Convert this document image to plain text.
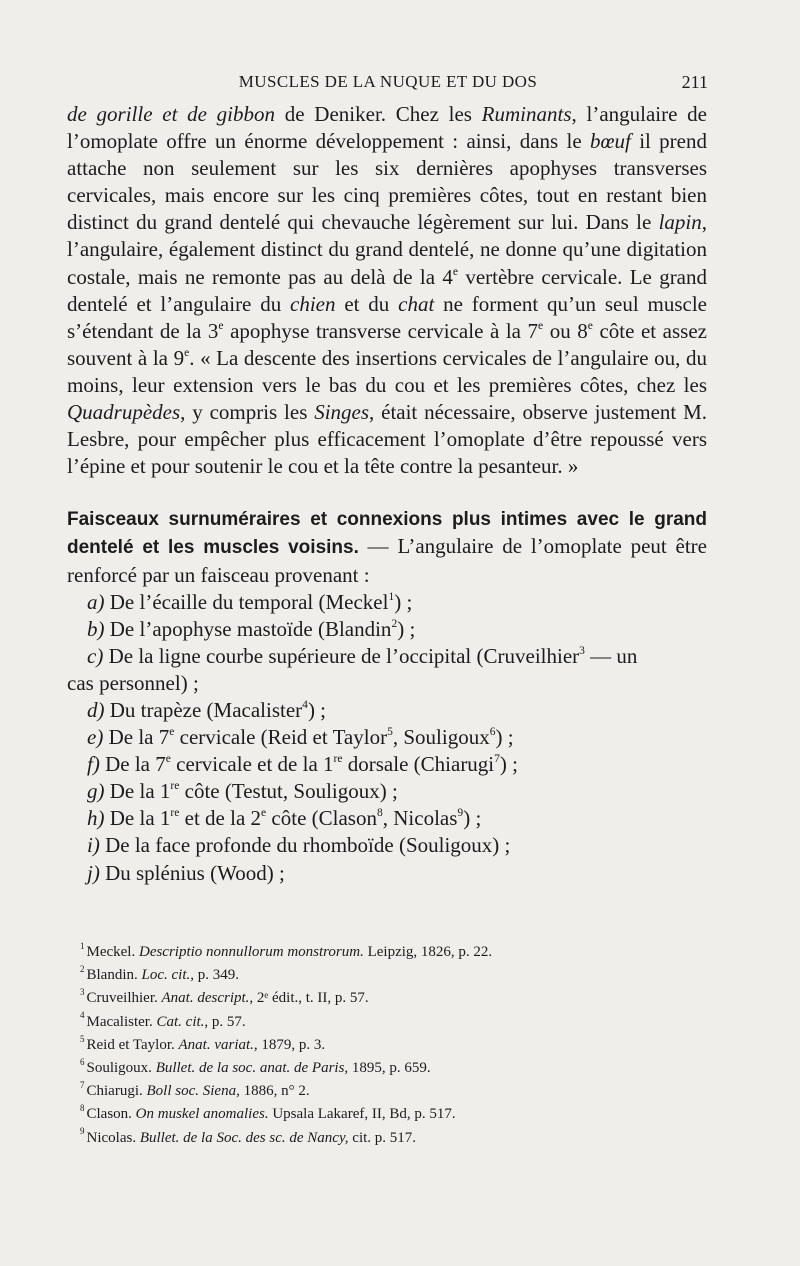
MUSCLES DE LA NUQUE ET DU DOS	211

de gorille et de gibbon de Deniker. Chez les Ruminants, l’angulaire de l’omoplate offre un énorme développement : ainsi, dans le bœuf il prend attache non seulement sur les six dernières apophyses transverses cervicales, mais encore sur les cinq premières côtes, tout en restant bien distinct du grand dentelé qui chevauche légèrement sur lui. Dans le lapin, l’angulaire, également distinct du grand dentelé, ne donne qu’une digitation costale, mais ne remonte pas au delà de la 4e vertèbre cervicale. Le grand dentelé et l’angulaire du chien et du chat ne forment qu’un seul muscle s’étendant de la 3e apophyse transverse cervicale à la 7e ou 8e côte et assez souvent à la 9e. « La descente des insertions cervicales de l’angulaire ou, du moins, leur extension vers le bas du cou et les premières côtes, chez les Quadrupèdes, y compris les Singes, était nécessaire, observe justement M. Lesbre, pour empêcher plus efficacement l’omoplate d’être repoussé vers l’épine et pour soutenir le cou et la tête contre la pesanteur. »

Faisceaux surnuméraires et connexions plus intimes avec le grand dentelé et les muscles voisins. — L’angulaire de l’omoplate peut être renforcé par un faisceau provenant :

a) De l’écaille du temporal (Meckel$^1$) ;

b) De l’apophyse mastoïde (Blandin$^2$) ;

c) De la ligne courbe supérieure de l’occipital (Cruveilhier$^3$ — un

cas personnel) ;

d) Du trapèze (Macalister$^4$) ;

e) De la 7e cervicale (Reid et Taylor$^5$, Souligoux$^6$) ;

f) De la 7e cervicale et de la 1re dorsale (Chiarugi$^7$) ;

g) De la 1re côte (Testut, Souligoux) ;

h) De la 1re et de la 2e côte (Clason$^8$, Nicolas$^9$) ;

i) De la face profonde du rhomboïde (Souligoux) ;

j) Du splénius (Wood) ;

$^1$ Meckel. Descriptio nonnullorum monstrorum. Leipzig, 1826, p. 22.
$^2$ Blandin. Loc. cit., p. 349.
$^3$ Cruveilhier. Anat. descript., 2ᵉ édit., t. II, p. 57.
$^4$ Macalister. Cat. cit., p. 57.
$^5$ Reid et Taylor. Anat. variat., 1879, p. 3.
$^6$ Souligoux. Bullet. de la soc. anat. de Paris, 1895, p. 659.
$^7$ Chiarugi. Boll soc. Siena, 1886, n° 2.
$^8$ Clason. On muskel anomalies. Upsala Lakaref, II, Bd, p. 517.
$^9$ Nicolas. Bullet. de la Soc. des sc. de Nancy, cit. p. 517.
